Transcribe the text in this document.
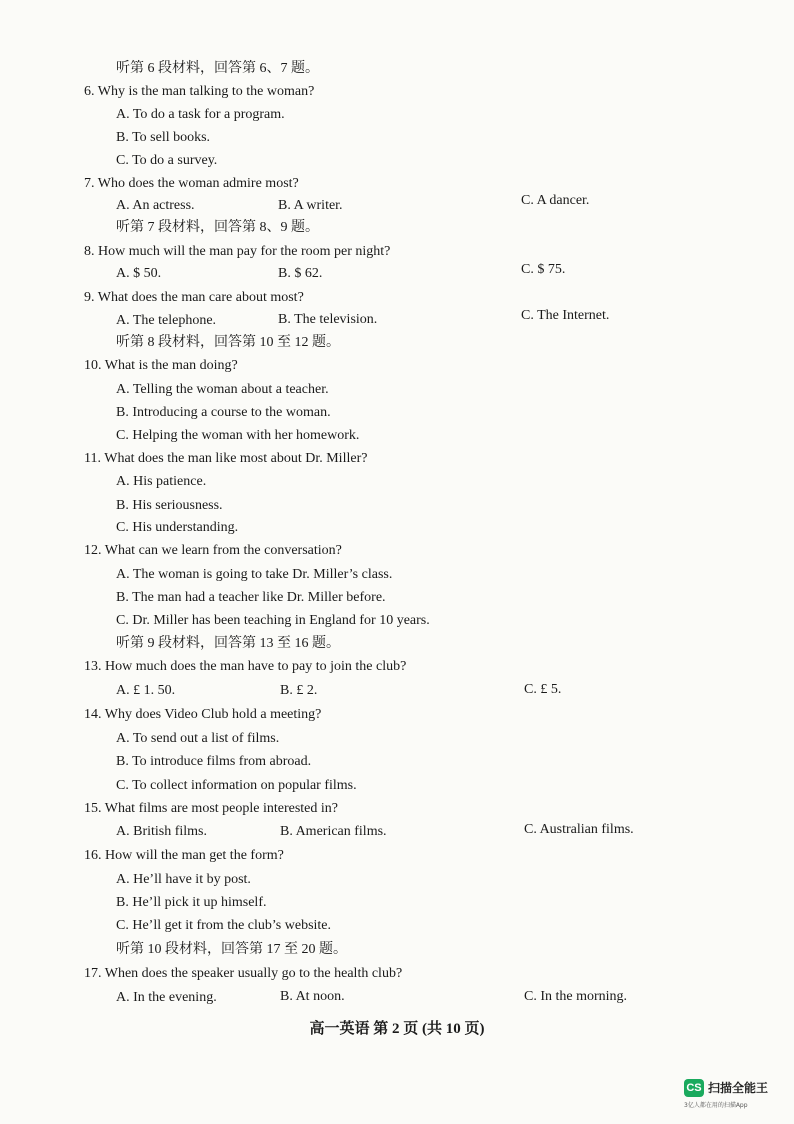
听第 6 段材料，回答第 6、7 题。
6. Why is the man talking to the woman?
A. To do a task for a program.
B. To sell books.
C. To do a survey.
7. Who does the woman admire most?
A. An actress.	B. A writer.	C. A dancer.
听第 7 段材料，回答第 8、9 题。
8. How much will the man pay for the room per night?
A. $ 50.	B. $ 62.	C. $ 75.
9. What does the man care about most?
A. The telephone.	B. The television.	C. The Internet.
听第 8 段材料，回答第 10 至 12 题。
10. What is the man doing?
A. Telling the woman about a teacher.
B. Introducing a course to the woman.
C. Helping the woman with her homework.
11. What does the man like most about Dr. Miller?
A. His patience.
B. His seriousness.
C. His understanding.
12. What can we learn from the conversation?
A. The woman is going to take Dr. Miller’s class.
B. The man had a teacher like Dr. Miller before.
C. Dr. Miller has been teaching in England for 10 years.
听第 9 段材料，回答第 13 至 16 题。
13. How much does the man have to pay to join the club?
A. £ 1. 50.	B. £ 2.	C. £ 5.
14. Why does Video Club hold a meeting?
A. To send out a list of films.
B. To introduce films from abroad.
C. To collect information on popular films.
15. What films are most people interested in?
A. British films.	B. American films.	C. Australian films.
16. How will the man get the form?
A. He’ll have it by post.
B. He’ll pick it up himself.
C. He’ll get it from the club’s website.
听第 10 段材料，回答第 17 至 20 题。
17. When does the speaker usually go to the health club?
A. In the evening.	B. At noon.	C. In the morning.
高一英语 第 2 页 (共 10 页)
CS 扫描全能王
3亿人都在用的扫描App
